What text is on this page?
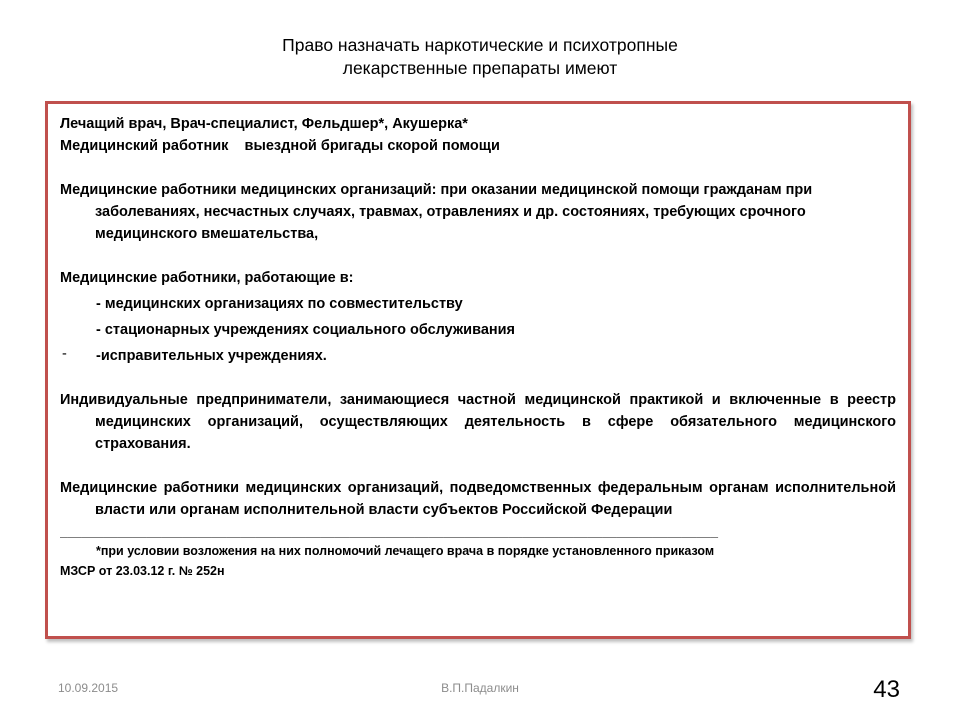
Право назначать наркотические и психотропные
лекарственные препараты имеют

Лечащий врач, Врач-специалист, Фельдшер*, Акушерка*

Медицинский работник    выездной бригады скорой помощи

Медицинские работники медицинских организаций: при оказании медицинской помощи гражданам при заболеваниях, несчастных случаях, травмах, отравлениях и др. состояниях, требующих срочного медицинского вмешательства,

Медицинские работники, работающие в:

- медицинских организациях по совместительству

- стационарных учреждениях социального обслуживания

- -исправительных учреждениях.

Индивидуальные предприниматели, занимающиеся частной медицинской практикой и включенные в реестр медицинских организаций, осуществляющих деятельность в сфере обязательного медицинского страхования.

Медицинские работники медицинских организаций, подведомственных федеральным органам исполнительной власти или органам исполнительной власти субъектов Российской Федерации

___________________________________________________________________________________________

*при условии возложения на них полномочий лечащего врача в порядке установленного приказом

МЗСР от 23.03.12 г. № 252н

10.09.2015	В.П.Падалкин	43
